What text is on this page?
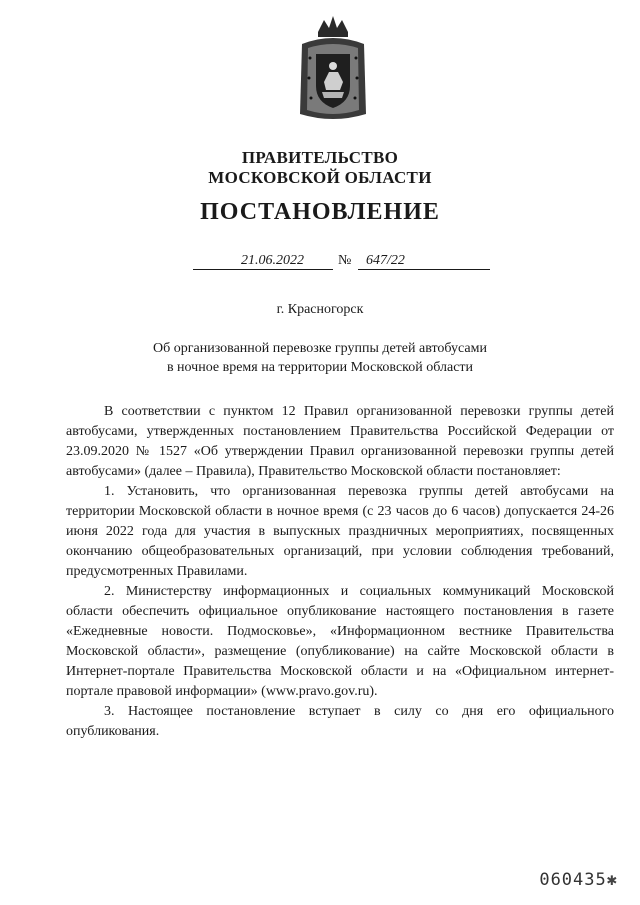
ПРАВИТЕЛЬСТВО
МОСКОВСКОЙ ОБЛАСТИ
ПОСТАНОВЛЕНИЕ
21.06.2022 № 647/22
г. Красногорск
Об организованной перевозке группы детей автобусами
в ночное время на территории Московской области

В соответствии с пунктом 12 Правил организованной перевозки группы детей автобусами, утвержденных постановлением Правительства Российской Федерации от 23.09.2020 № 1527 «Об утверждении Правил организованной перевозки группы детей автобусами» (далее – Правила), Правительство Московской области постановляет:

1. Установить, что организованная перевозка группы детей автобусами на территории Московской области в ночное время (с 23 часов до 6 часов) допускается 24-26 июня 2022 года для участия в выпускных праздничных мероприятиях, посвященных окончанию общеобразовательных организаций, при условии соблюдения требований, предусмотренных Правилами.

2. Министерству информационных и социальных коммуникаций Московской области обеспечить официальное опубликование настоящего постановления в газете «Ежедневные новости. Подмосковье», «Информационном вестнике Правительства Московской области», размещение (опубликование) на сайте Московской области в Интернет-портале Правительства Московской области и на «Официальном интернет-портале правовой информации» (www.pravo.gov.ru).

3. Настоящее постановление вступает в силу со дня его официального опубликования.

060435✱
